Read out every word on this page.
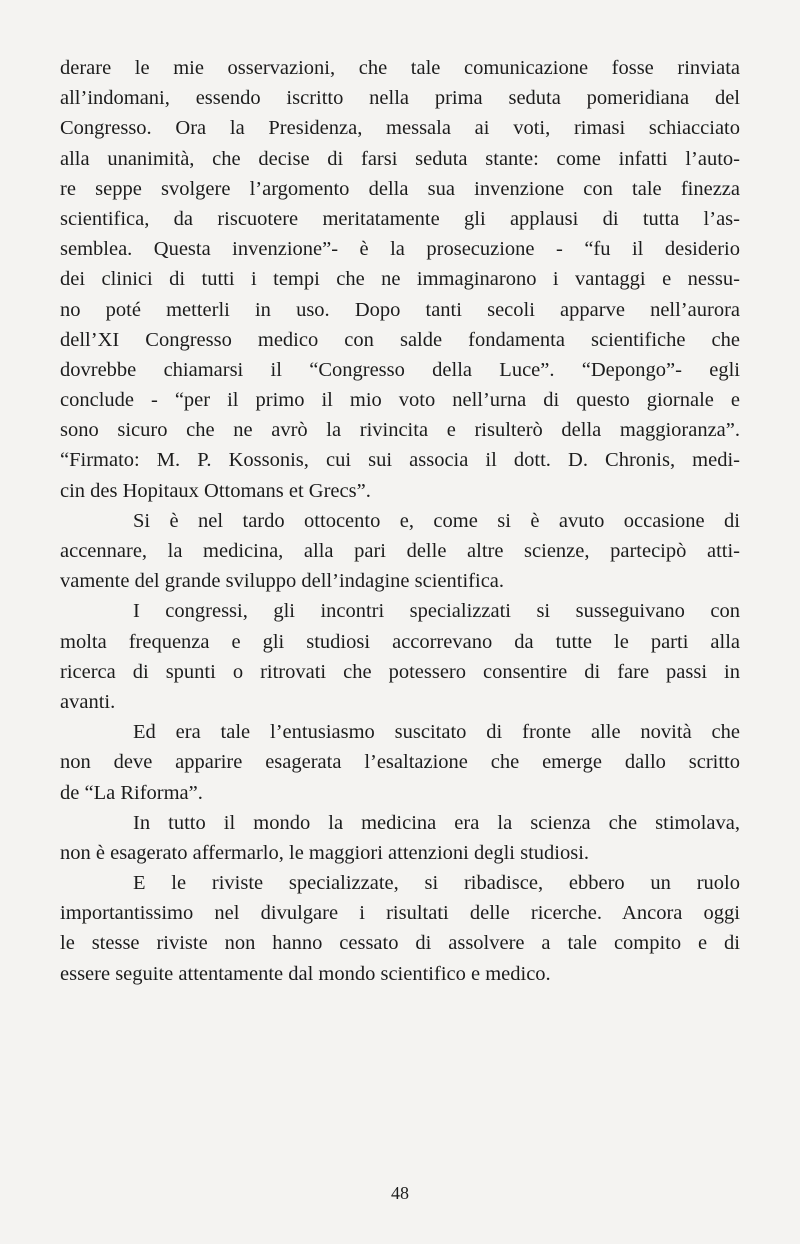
derare le mie osservazioni, che tale comunicazione fosse rinviata
all’indomani, essendo iscritto nella prima seduta pomeridiana del
Congresso. Ora la Presidenza, messala ai voti, rimasi schiacciato
alla unanimità, che decise di farsi seduta stante: come infatti l’auto-
re seppe svolgere l’argomento della sua invenzione con tale finezza
scientifica, da riscuotere meritatamente gli applausi di tutta l’as-
semblea. Questa invenzione”- è la prosecuzione - “fu il desiderio
dei clinici di tutti i tempi che ne immaginarono i vantaggi e nessu-
no poté metterli in uso. Dopo tanti secoli apparve nell’aurora
dell’XI Congresso medico con salde fondamenta scientifiche che
dovrebbe chiamarsi il “Congresso della Luce”. “Depongo”- egli
conclude - “per il primo il mio voto nell’urna di questo giornale e
sono sicuro che ne avrò la rivincita e risulterò della maggioranza”.
“Firmato: M. P. Kossonis, cui sui associa il dott. D. Chronis, medi-
cin des Hopitaux Ottomans et Grecs”.
Si è nel tardo ottocento e, come si è avuto occasione di
accennare, la medicina, alla pari delle altre scienze, partecipò atti-
vamente del grande sviluppo dell’indagine scientifica.
I congressi, gli incontri specializzati si susseguivano con
molta frequenza e gli studiosi accorrevano da tutte le parti alla
ricerca di spunti o ritrovati che potessero consentire di fare passi in
avanti.
Ed era tale l’entusiasmo suscitato di fronte alle novità che
non deve apparire esagerata l’esaltazione che emerge dallo scritto
de “La Riforma”.
In tutto il mondo la medicina era la scienza che stimolava,
non è esagerato affermarlo, le maggiori attenzioni degli studiosi.
E le riviste specializzate, si ribadisce, ebbero un ruolo
importantissimo nel divulgare i risultati delle ricerche. Ancora oggi
le stesse riviste non hanno cessato di assolvere a tale compito e di
essere seguite attentamente dal mondo scientifico e medico.
48
